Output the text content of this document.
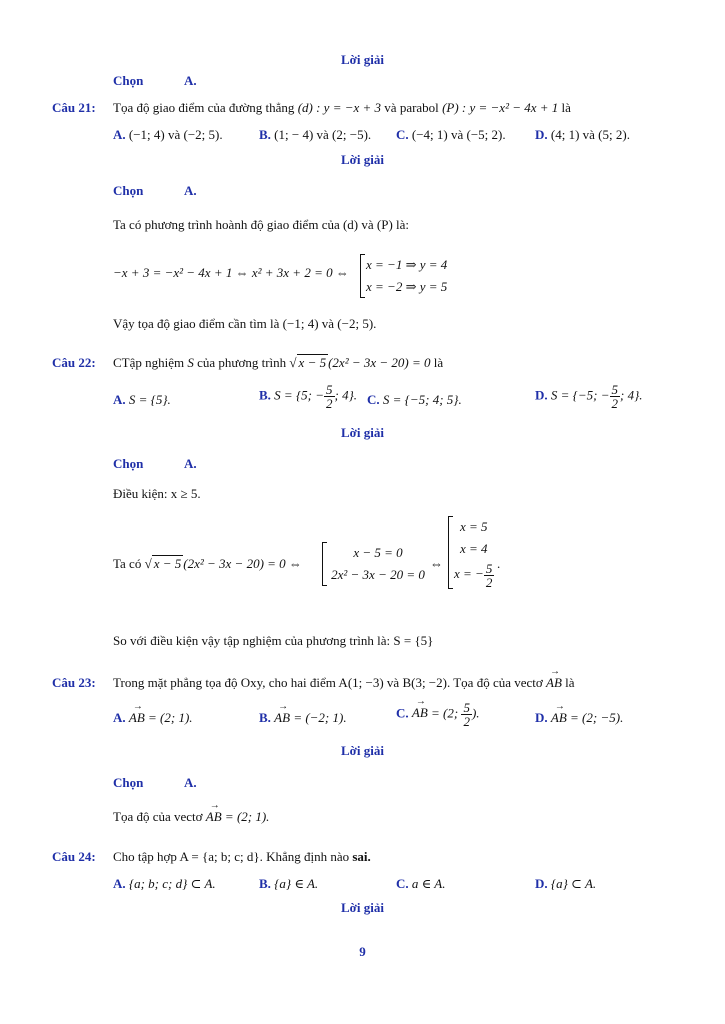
Lời giải
Chọn	A.
Câu 21: Tọa độ giao điểm của đường thẳng (d) : y = −x + 3 và parabol (P) : y = −x² − 4x + 1 là
A. (−1; 4) và (−2; 5).	B. (1; − 4) và (2; −5). C. (−4; 1) và (−5; 2). D. (4; 1) và (5; 2).
Lời giải
Chọn	A.
Ta có phương trình hoành độ giao điểm của (d) và (P) là:
−x + 3 = −x² − 4x + 1 ⇔ x² + 3x + 2 = 0 ⇔
x = −1 ⇒ y = 4
x = −2 ⇒ y = 5
Vậy tọa độ giao điểm cần tìm là (−1; 4) và (−2; 5).
Câu 22: CTập nghiệm S của phương trình √ x − 5 (2x² − 3x − 20) = 0 là
A. S = {5}.	B. S = {5; − $\frac{5}{2}$ ; 4}. C. S = {−5; 4; 5}.	D. S = {−5; − $\frac{5}{2}$ ; 4}.
Lời giải
Chọn	A.
Điều kiện: x ≥ 5.
Ta có √ x − 5 (2x² − 3x − 20) = 0 ⇔
x − 5 = 0
2x² − 3x − 20 = 0
⇔
x = 5
x = 4
x = − $\frac{5}{2}$ .
So với điều kiện vậy tập nghiệm của phương trình là: S = {5}
Câu 23: Trong mặt phẳng tọa độ Oxy, cho hai điểm A(1; −3) và B(3; −2). Tọa độ của vectơ → AB là
A. → AB = (2; 1).	B. → AB = (−2; 1).	C. → AB = (2; $\frac{5}{2}$ ).	D. → AB = (2; −5).
Lời giải
Chọn	A.
Tọa độ của vectơ → AB = (2; 1).
Câu 24: Cho tập hợp A = {a; b; c; d}. Khẳng định nào sai.
A. {a; b; c; d} ⊂ A.	B. {a} ∈ A.	C. a ∈ A.	D. {a} ⊂ A.
Lời giải
9
